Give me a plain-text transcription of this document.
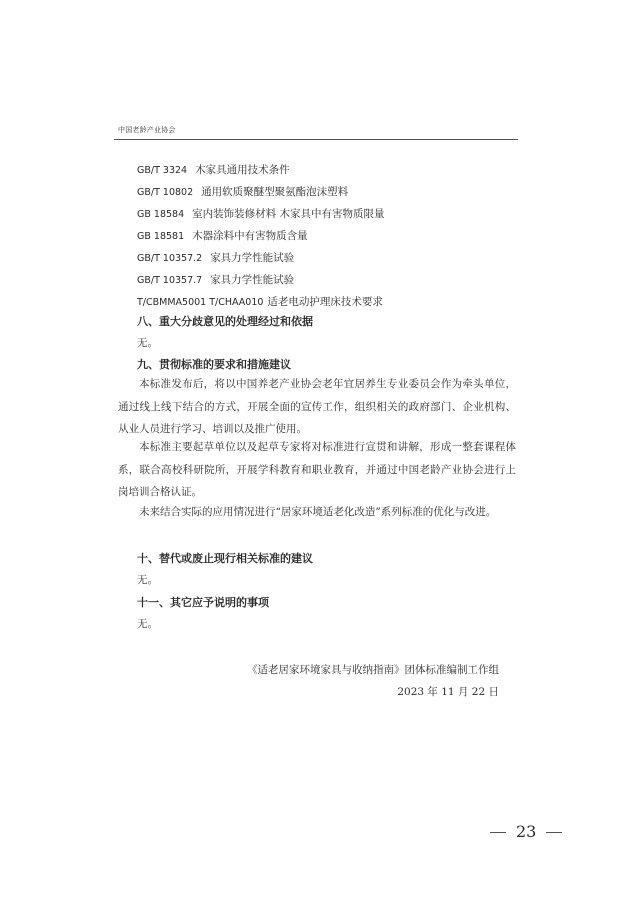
中国老龄产业协会
GB/T 3324 木家具通用技术条件
GB/T 10802 通用软质聚醚型聚氨酯泡沫塑料
GB 18584 室内装饰装修材料 木家具中有害物质限量
GB 18581 木器涂料中有害物质含量
GB/T 10357.2 家具力学性能试验
GB/T 10357.7 家具力学性能试验
T/CBMMA5001 T/CHAA010 适老电动护理床技术要求
八、重大分歧意见的处理经过和依据
无。
九、贯彻标准的要求和措施建议

本标准发布后，将以中国养老产业协会老年宜居养生专业委员会作为牵头单位，通过线上线下结合的方式，开展全面的宣传工作，组织相关的政府部门、企业机构、从业人员进行学习、培训以及推广使用。

本标准主要起草单位以及起草专家将对标准进行宣贯和讲解，形成一整套课程体系，联合高校科研院所，开展学科教育和职业教育，并通过中国老龄产业协会进行上岗培训合格认证。

未来结合实际的应用情况进行“居家环境适老化改造”系列标准的优化与改进。

十、替代或废止现行相关标准的建议
无。
十一、其它应予说明的事项
无。
《适老居家环境家具与收纳指南》团体标准编制工作组
2023 年 11 月 22 日
23
